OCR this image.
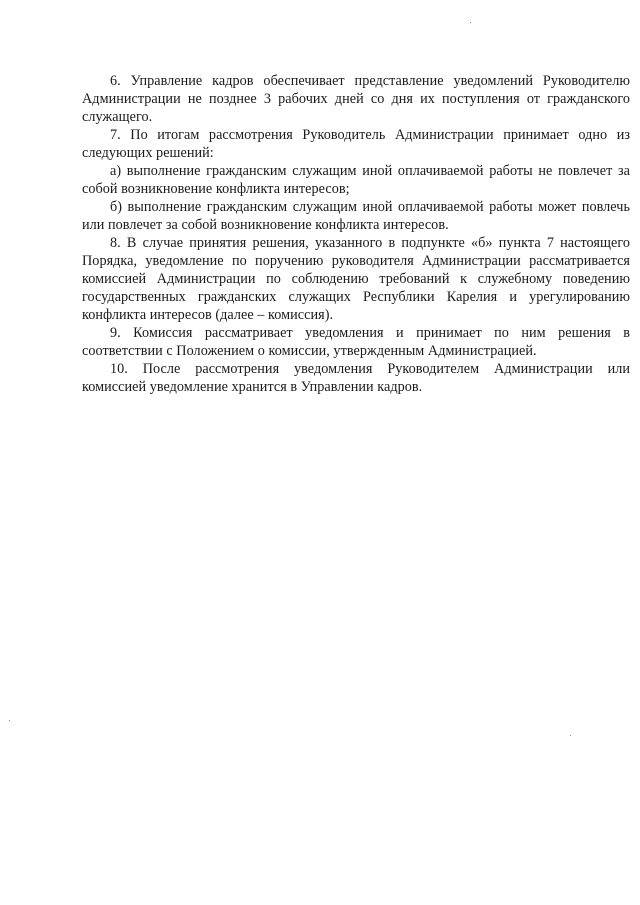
6. Управление кадров обеспечивает представление уведомлений Руководителю Администрации не позднее 3 рабочих дней со дня их поступления от гражданского служащего.

7. По итогам рассмотрения Руководитель Администрации принимает одно из следующих решений:

а) выполнение гражданским служащим иной оплачиваемой работы не повлечет за собой возникновение конфликта интересов;

б) выполнение гражданским служащим иной оплачиваемой работы может повлечь или повлечет за собой возникновение конфликта интересов.

8. В случае принятия решения, указанного в подпункте «б» пункта 7 настоящего Порядка, уведомление по поручению руководителя Администрации рассматривается комиссией Администрации по соблюдению требований к служебному поведению государственных гражданских служащих Республики Карелия и урегулированию конфликта интересов (далее – комиссия).

9. Комиссия рассматривает уведомления и принимает по ним решения в соответствии с Положением о комиссии, утвержденным Администрацией.

10. После рассмотрения уведомления Руководителем Администрации или комиссией уведомление хранится в Управлении кадров.
